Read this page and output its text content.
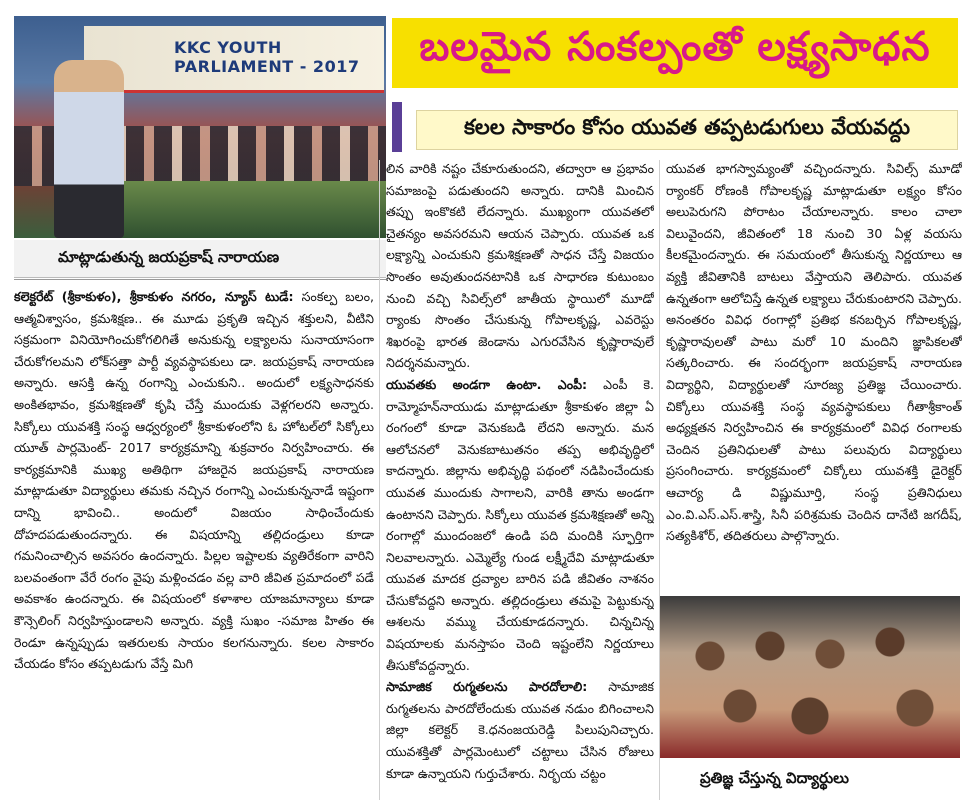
KKC YOUTH PARLIAMENT - 2017
మాట్లాడుతున్న జయప్రకాష్‌ నారాయణ
బలమైన సంకల్పంతో లక్ష్యసాధన
కలల సాకారం కోసం యువత తప్పటడుగులు వేయవద్దు

కలెక్టరేట్‌ (శ్రీకాకుళం), శ్రీకాకుళం నగరం, న్యూస్‌ టుడే: సంకల్ప బలం, ఆత్మవిశ్వాసం, క్రమశిక్షణ.. ఈ మూడు ప్రకృతి ఇచ్చిన శక్తులని, వీటిని సక్రమంగా వినియోగించుకోగలిగితే అనుకున్న లక్ష్యాలను సునాయాసంగా చేరుకోగలమని లోక్‌సత్తా పార్టీ వ్యవస్థాపకులు డా. జయప్రకాష్‌ నారాయణ అన్నారు. ఆసక్తి ఉన్న రంగాన్ని ఎంచుకుని.. అందులో లక్ష్యసాధనకు అంకితభావం, క్రమశిక్షణతో కృషి చేస్తే ముందుకు వెళ్లగలరని అన్నారు. సిక్కోలు యువశక్తి సంస్థ ఆధ్వర్యంలో శ్రీకాకుళంలోని ఓ హోటల్‌లో సిక్కోలు యూత్‌ పార్లమెంట్‌- 2017 కార్యక్రమాన్ని శుక్రవారం నిర్వహించారు. ఈ కార్యక్రమానికి ముఖ్య అతిథిగా హాజరైన జయప్రకాష్‌ నారాయణ మాట్లాడుతూ విద్యార్థులు తమకు నచ్చిన రంగాన్ని ఎంచుకున్ననాడే ఇష్టంగా దాన్ని భావించి.. అందులో విజయం సాధించేందుకు దోహదపడుతుందన్నారు. ఈ విషయాన్ని తల్లిదండ్రులు కూడా గమనించాల్సిన అవసరం ఉందన్నారు. పిల్లల ఇష్టాలకు వ్యతిరేకంగా వారిని బలవంతంగా వేరే రంగం వైపు మళ్లించడం వల్ల వారి జీవిత ప్రమాదంలో పడే అవకాశం ఉందన్నారు. ఈ విషయంలో కళాశాల యాజమాన్యాలు కూడా కౌన్సెలింగ్‌ నిర్వహిస్తుండాలని అన్నారు. వ్యక్తి సుఖం -సమాజ హితం ఈ రెండూ ఉన్నప్పుడు ఇతరులకు సాయం కలగనున్నారు. కలల సాకారం చేయడం కోసం తప్పటడుగు వేస్తే మిగి

లిన వారికి నష్టం చేకూరుతుందని, తద్వారా ఆ ప్రభావం సమాజంపై పడుతుందని అన్నారు. దానికి మించిన తప్పు ఇంకొకటి లేదన్నారు. ముఖ్యంగా యువతలో చైతన్యం అవసరమని ఆయన చెప్పారు. యువత ఒక లక్ష్యాన్ని ఎంచుకుని క్రమశిక్షణతో సాధన చేస్తే విజయం సొంతం అవుతుందనటానికి ఒక సాధారణ కుటుంబం నుంచి వచ్చి సివిల్స్‌లో జాతీయ స్థాయిలో మూడో ర్యాంకు సొంతం చేసుకున్న గోపాలకృష్ణ, ఎవరెస్టు శిఖరంపై భారత జెండాను ఎగురవేసిన కృష్ణారావులే నిదర్శనమన్నారు.

యువతకు అండగా ఉంటా. ఎంపీ: ఎంపీ కె. రామ్మోహన్‌నాయుడు మాట్లాడుతూ శ్రీకాకుళం జిల్లా ఏ రంగంలో కూడా వెనుకబడి లేదని అన్నారు. మన ఆలోచనలో వెనుకబాటుతనం తప్ప అభివృద్ధిలో కాదన్నారు. జిల్లాను అభివృద్ధి పథంలో నడిపించేందుకు యువత ముందుకు సాగాలని, వారికి తాను అండగా ఉంటానని చెప్పారు. సిక్కోలు యువత క్రమశిక్షణతో అన్ని రంగాల్లో ముందంజలో ఉండి పది మందికి స్ఫూర్తిగా నిలవాలన్నారు. ఎమ్మెల్యే గుండ లక్ష్మీదేవి మాట్లాడుతూ యువత మాదక ద్రవ్యాల బారిన పడి జీవితం నాశనం చేసుకోవద్దని అన్నారు. తల్లిదండ్రులు తమపై పెట్టుకున్న ఆశలను వమ్ము చేయకూడదన్నారు. చిన్నచిన్న విషయాలకు మనస్తాపం చెంది ఇష్టంలేని నిర్ణయాలు తీసుకోవద్దన్నారు.

సామాజిక రుగ్మతలను పారదోలాలి: సామాజిక రుగ్మతలను పారదోలేందుకు యువత నడుం బిగించాలని జిల్లా కలెక్టర్‌ కె.ధనంజయరెడ్డి పిలుపునిచ్చారు. యువశక్తితో పార్లమెంటులో చట్టాలు చేసిన రోజులు కూడా ఉన్నాయని గుర్తుచేశారు. నిర్భయ చట్టం

యువత భాగస్వామ్యంతో వచ్చిందన్నారు. సివిల్స్‌ మూడో ర్యాంకర్‌ రోణంకి గోపాలకృష్ణ మాట్లాడుతూ లక్ష్యం కోసం అలుపెరుగని పోరాటం చేయాలన్నారు. కాలం చాలా విలువైందని, జీవితంలో 18 నుంచి 30 ఏళ్ల వయసు కీలకమైందన్నారు. ఈ సమయంలో తీసుకున్న నిర్ణయాలు ఆ వ్యక్తి జీవితానికి బాటలు వేస్తాయని తెలిపారు. యువత ఉన్నతంగా ఆలోచిస్తే ఉన్నత లక్ష్యాలు చేరుకుంటారని చెప్పారు. అనంతరం వివిధ రంగాల్లో ప్రతిభ కనబర్చిన గోపాలకృష్ణ, కృష్ణారావులతో పాటు మరో 10 మందిని జ్ఞాపికలతో సత్కరించారు. ఈ సందర్భంగా జయప్రకాష్‌ నారాయణ విద్యార్థిని, విద్యార్థులతో సూరజ్య ప్రతిజ్ఞ చేయించారు. చిక్కోలు యువశక్తి సంస్థ వ్యవస్థాపకులు గీతాశ్రీకాంత్‌ అధ్యక్షతన నిర్వహించిన ఈ కార్యక్రమంలో వివిధ రంగాలకు చెందిన ప్రతినిధులతో పాటు పలువురు విద్యార్థులు ప్రసంగించారు. కార్యక్రమంలో చిక్కోలు యువశక్తి డైరెక్టర్‌ ఆచార్య డి విష్ణుమూర్తి, సంస్థ ప్రతినిధులు ఎం.వి.ఎస్‌.ఎస్‌.శాస్త్రి, సినీ పరిశ్రమకు చెందిన దానేటి జగదీష్‌, సత్యకిశోర్‌, తదితరులు పాల్గొన్నారు.

ప్రతిజ్ఞ చేస్తున్న విద్యార్థులు
